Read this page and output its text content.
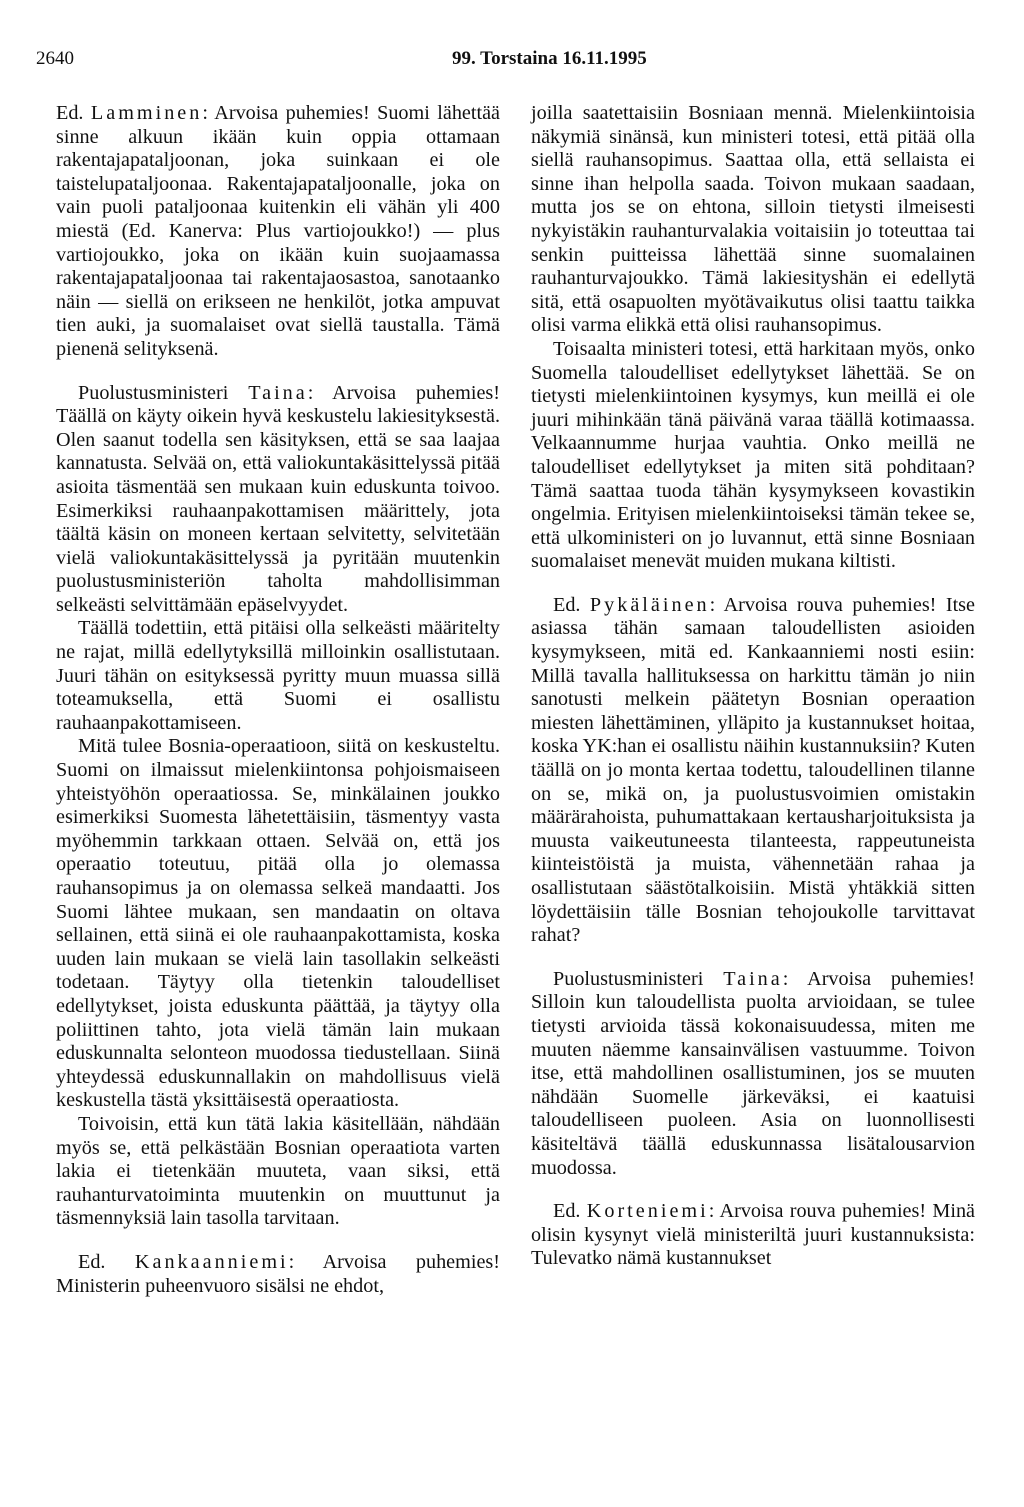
2640	99. Torstaina 16.11.1995

Ed. Lamminen: Arvoisa puhemies! Suomi lähettää sinne alkuun ikään kuin oppia ottamaan rakentajapataljoonan, joka suinkaan ei ole taistelupataljoonaa. Rakentajapataljoonalle, joka on vain puoli pataljoonaa kuitenkin eli vähän yli 400 miestä (Ed. Kanerva: Plus vartiojoukko!) — plus vartiojoukko, joka on ikään kuin suojaamassa rakentajapataljoonaa tai rakentajaosastoa, sanotaanko näin — siellä on erikseen ne henkilöt, jotka ampuvat tien auki, ja suomalaiset ovat siellä taustalla. Tämä pienenä selityksenä.

Puolustusministeri Taina: Arvoisa puhemies! Täällä on käyty oikein hyvä keskustelu lakiesityksestä. Olen saanut todella sen käsityksen, että se saa laajaa kannatusta. Selvää on, että valiokuntakäsittelyssä pitää asioita täsmentää sen mukaan kuin eduskunta toivoo. Esimerkiksi rauhaanpakottamisen määrittely, jota täältä käsin on moneen kertaan selvitetty, selvitetään vielä valiokuntakäsittelyssä ja pyritään muutenkin puolustusministeriön taholta mahdollisimman selkeästi selvittämään epäselvyydet.

Täällä todettiin, että pitäisi olla selkeästi määritelty ne rajat, millä edellytyksillä milloinkin osallistutaan. Juuri tähän on esityksessä pyritty muun muassa sillä toteamuksella, että Suomi ei osallistu rauhaanpakottamiseen.

Mitä tulee Bosnia-operaatioon, siitä on keskusteltu. Suomi on ilmaissut mielenkiintonsa pohjoismaiseen yhteistyöhön operaatiossa. Se, minkälainen joukko esimerkiksi Suomesta lähetettäisiin, täsmentyy vasta myöhemmin tarkkaan ottaen. Selvää on, että jos operaatio toteutuu, pitää olla jo olemassa rauhansopimus ja on olemassa selkeä mandaatti. Jos Suomi lähtee mukaan, sen mandaatin on oltava sellainen, että siinä ei ole rauhaanpakottamista, koska uuden lain mukaan se vielä lain tasollakin selkeästi todetaan. Täytyy olla tietenkin taloudelliset edellytykset, joista eduskunta päättää, ja täytyy olla poliittinen tahto, jota vielä tämän lain mukaan eduskunnalta selonteon muodossa tiedustellaan. Siinä yhteydessä eduskunnallakin on mahdollisuus vielä keskustella tästä yksittäisestä operaatiosta.

Toivoisin, että kun tätä lakia käsitellään, nähdään myös se, että pelkästään Bosnian operaatiota varten lakia ei tietenkään muuteta, vaan siksi, että rauhanturvatoiminta muutenkin on muuttunut ja täsmennyksiä lain tasolla tarvitaan.

Ed. Kankaanniemi: Arvoisa puhemies! Ministerin puheenvuoro sisälsi ne ehdot,

joilla saatettaisiin Bosniaan mennä. Mielenkiintoisia näkymiä sinänsä, kun ministeri totesi, että pitää olla siellä rauhansopimus. Saattaa olla, että sellaista ei sinne ihan helpolla saada. Toivon mukaan saadaan, mutta jos se on ehtona, silloin tietysti ilmeisesti nykyistäkin rauhanturvalakia voitaisiin jo toteuttaa tai senkin puitteissa lähettää sinne suomalainen rauhanturvajoukko. Tämä lakiesityshän ei edellytä sitä, että osapuolten myötävaikutus olisi taattu taikka olisi varma elikkä että olisi rauhansopimus.

Toisaalta ministeri totesi, että harkitaan myös, onko Suomella taloudelliset edellytykset lähettää. Se on tietysti mielenkiintoinen kysymys, kun meillä ei ole juuri mihinkään tänä päivänä varaa täällä kotimaassa. Velkaannumme hurjaa vauhtia. Onko meillä ne taloudelliset edellytykset ja miten sitä pohditaan? Tämä saattaa tuoda tähän kysymykseen kovastikin ongelmia. Erityisen mielenkiintoiseksi tämän tekee se, että ulkoministeri on jo luvannut, että sinne Bosniaan suomalaiset menevät muiden mukana kiltisti.

Ed. Pykäläinen: Arvoisa rouva puhemies! Itse asiassa tähän samaan taloudellisten asioiden kysymykseen, mitä ed. Kankaanniemi nosti esiin: Millä tavalla hallituksessa on harkittu tämän jo niin sanotusti melkein päätetyn Bosnian operaation miesten lähettäminen, ylläpito ja kustannukset hoitaa, koska YK:han ei osallistu näihin kustannuksiin? Kuten täällä on jo monta kertaa todettu, taloudellinen tilanne on se, mikä on, ja puolustusvoimien omistakin määrärahoista, puhumattakaan kertausharjoituksista ja muusta vaikeutuneesta tilanteesta, rappeutuneista kiinteistöistä ja muista, vähennetään rahaa ja osallistutaan säästötalkoisiin. Mistä yhtäkkiä sitten löydettäisiin tälle Bosnian tehojoukolle tarvittavat rahat?

Puolustusministeri Taina: Arvoisa puhemies! Silloin kun taloudellista puolta arvioidaan, se tulee tietysti arvioida tässä kokonaisuudessa, miten me muuten näemme kansainvälisen vastuumme. Toivon itse, että mahdollinen osallistuminen, jos se muuten nähdään Suomelle järkeväksi, ei kaatuisi taloudelliseen puoleen. Asia on luonnollisesti käsiteltävä täällä eduskunnassa lisätalousarvion muodossa.

Ed. Korteniemi: Arvoisa rouva puhemies! Minä olisin kysynyt vielä ministeriltä juuri kustannuksista: Tulevatko nämä kustannukset
